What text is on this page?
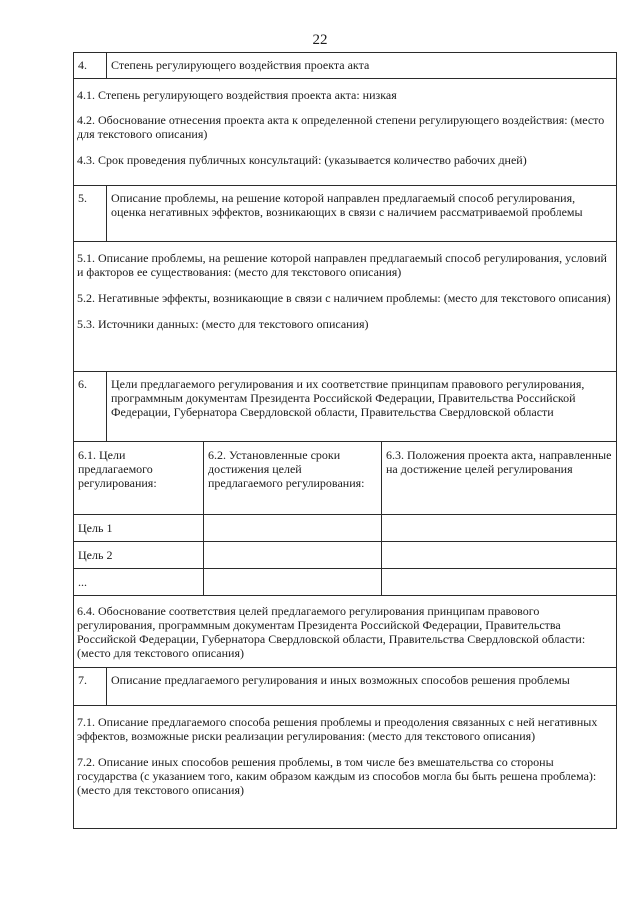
22
4.	Степень регулирующего воздействия проекта акта		

4.1. Степень регулирующего воздействия проекта акта: низкая

4.2. Обоснование отнесения проекта акта к определенной степени регулирующего воздействия: (место для текстового описания)

4.3. Срок проведения публичных консультаций: (указывается количество рабочих дней)			

5.	Описание проблемы, на решение которой направлен предлагаемый способ регулирования, оценка негативных эффектов, возникающих в связи с наличием рассматриваемой проблемы		

5.1. Описание проблемы, на решение которой направлен предлагаемый способ регулирования, условий и факторов ее существования: (место для текстового описания)

5.2. Негативные эффекты, возникающие в связи с наличием проблемы: (место для текстового описания)

5.3. Источники данных: (место для текстового описания)			

6.	Цели предлагаемого регулирования и их соответствие принципам правового регулирования, программным документам Президента Российской Федерации, Правительства Российской Федерации, Губернатора Свердловской области, Правительства Свердловской области		
6.1. Цели предлагаемого регулирования:		6.2. Установленные сроки достижения целей предлагаемого регулирования:	6.3. Положения проекта акта, направленные на достижение целей регулирования
Цель 1			
Цель 2			
...			
6.4. Обоснование соответствия целей предлагаемого регулирования принципам правового регулирования, программным документам Президента Российской Федерации, Правительства Российской Федерации, Губернатора Свердловской области, Правительства Свердловской области: (место для текстового описания)			
7.	Описание предлагаемого регулирования и иных возможных способов решения проблемы		

7.1. Описание предлагаемого способа решения проблемы и преодоления связанных с ней негативных эффектов, возможные риски реализации регулирования: (место для текстового описания)

7.2. Описание иных способов решения проблемы, в том числе без вмешательства со стороны государства (с указанием того, каким образом каждым из способов могла бы быть решена проблема): (место для текстового описания)			
